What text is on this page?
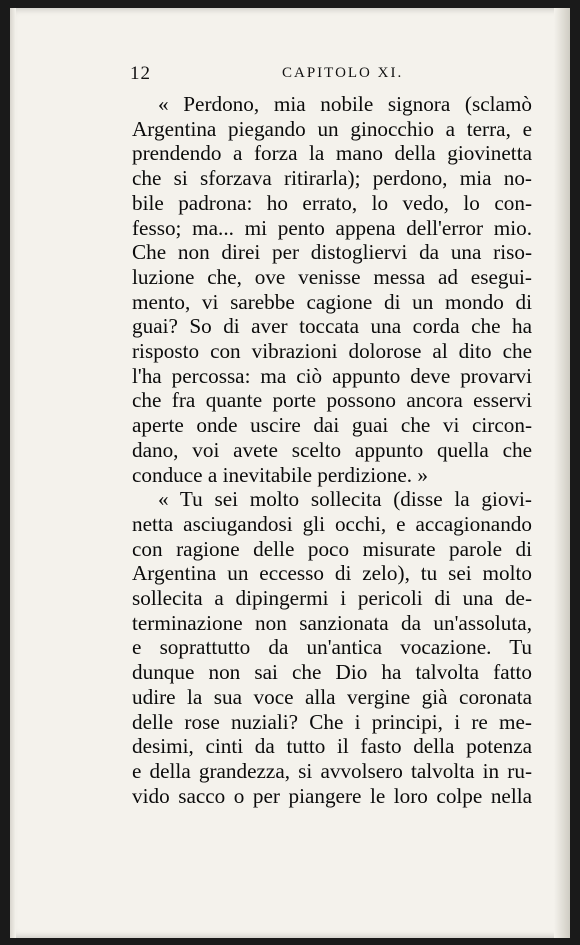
12	CAPITOLO XI.
« Perdono, mia nobile signora (sclamò
Argentina piegando un ginocchio a terra, e
prendendo a forza la mano della giovinetta
che si sforzava ritirarla); perdono, mia no-
bile padrona: ho errato, lo vedo, lo con-
fesso; ma... mi pento appena dell'error mio.
Che non direi per distogliervi da una riso-
luzione che, ove venisse messa ad esegui-
mento, vi sarebbe cagione di un mondo di
guai? So di aver toccata una corda che ha
risposto con vibrazioni dolorose al dito che
l'ha percossa: ma ciò appunto deve provarvi
che fra quante porte possono ancora esservi
aperte onde uscire dai guai che vi circon-
dano, voi avete scelto appunto quella che
conduce a inevitabile perdizione. »
« Tu sei molto sollecita (disse la giovi-
netta asciugandosi gli occhi, e accagionando
con ragione delle poco misurate parole di
Argentina un eccesso di zelo), tu sei molto
sollecita a dipingermi i pericoli di una de-
terminazione non sanzionata da un'assoluta,
e soprattutto da un'antica vocazione. Tu
dunque non sai che Dio ha talvolta fatto
udire la sua voce alla vergine già coronata
delle rose nuziali? Che i principi, i re me-
desimi, cinti da tutto il fasto della potenza
e della grandezza, si avvolsero talvolta in ru-
vido sacco o per piangere le loro colpe nella
